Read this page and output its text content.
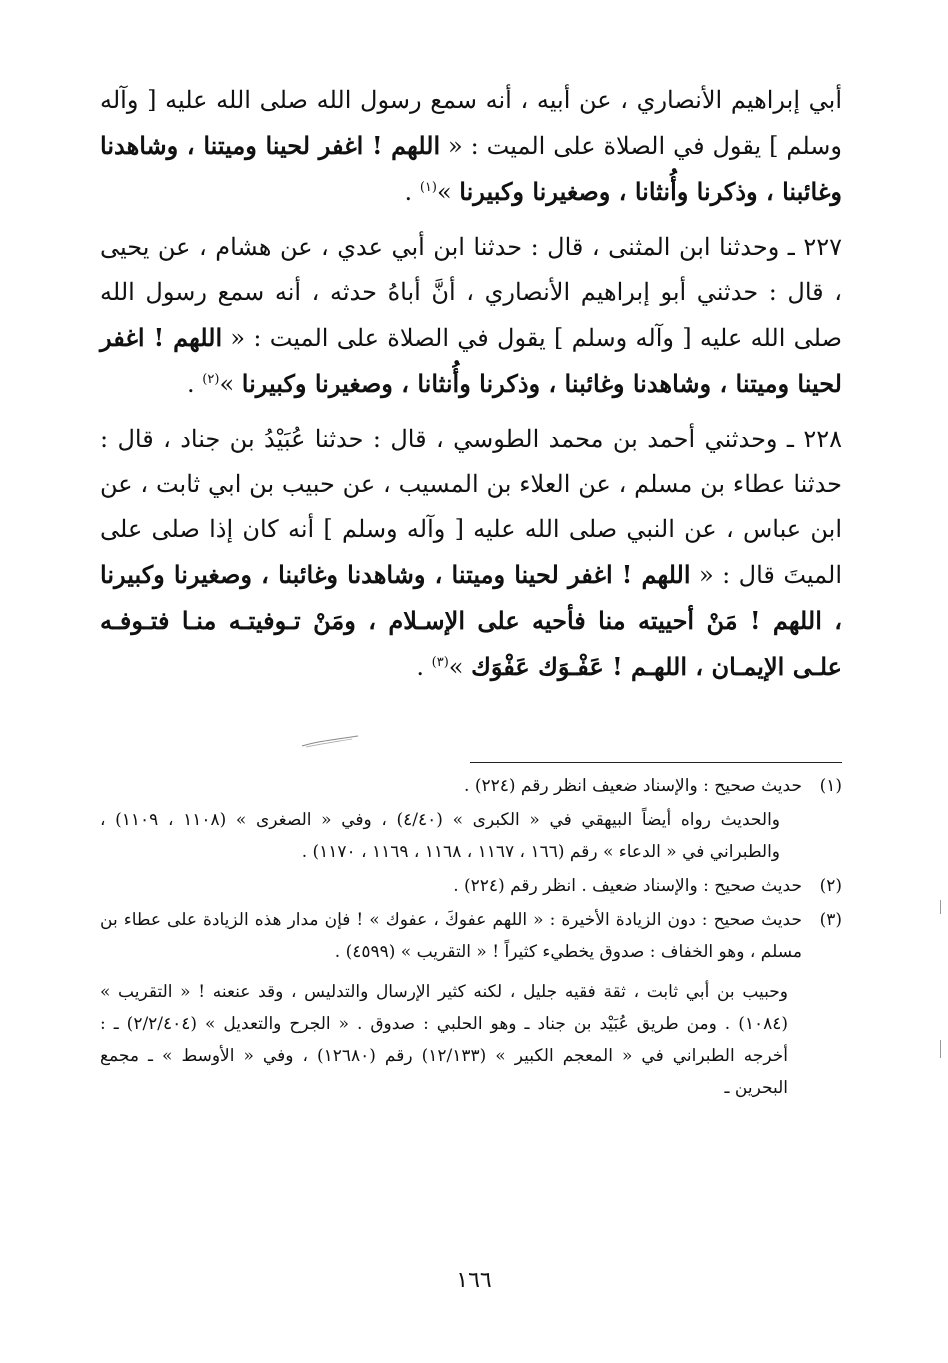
أبي إبراهيم الأنصاري ، عن أبيه ، أنه سمع رسول الله صلى الله عليه [ وآله وسلم ] يقول في الصلاة على الميت : « اللهم ! اغفر لحينا وميتنا ، وشاهدنا وغائبنا ، وذكرنا وأُنثانا ، وصغيرنا وكبيرنا »$^{(١)}$ .

٢٢٧ ـ وحدثنا ابن المثنى ، قال : حدثنا ابن أبي عدي ، عن هشام ، عن يحيى ، قال : حدثني أبو إبراهيم الأنصاري ، أنَّ أباهُ حدثه ، أنه سمع رسول الله صلى الله عليه [ وآله وسلم ] يقول في الصلاة على الميت : « اللهم ! اغفر لحينا وميتنا ، وشاهدنا وغائبنا ، وذكرنا وأُنثانا ، وصغيرنا وكبيرنا »$^{(٢)}$ .

٢٢٨ ـ وحدثني أحمد بن محمد الطوسي ، قال : حدثنا عُبَيْدُ بن جناد ، قال : حدثنا عطاء بن مسلم ، عن العلاء بن المسيب ، عن حبيب بن ابي ثابت ، عن ابن عباس ، عن النبي صلى الله عليه [ وآله وسلم ] أنه كان إذا صلى على الميتَ قال : « اللهم ! اغفر لحينا وميتنا ، وشاهدنا وغائبنا ، وصغيرنا وكبيرنا ، اللهم ! مَنْ أحييته منا فأحيه على الإسـلام ، ومَنْ تـوفيتـه منـا فتـوفـه علـى الإيمـان ، اللهـم ! عَفْـوَك عَفْوَك »$^{(٣)}$ .

(١)
حديث صحيح : والإسناد ضعيف انظر رقم (٢٢٤) .
والحديث رواه أيضاً البيهقي في « الكبرى » (٤/٤٠) ، وفي « الصغرى » (١١٠٨ ، ١١٠٩) ، والطبراني في « الدعاء » رقم (١٦٦ ، ١١٦٧ ، ١١٦٨ ، ١١٦٩ ، ١١٧٠) .
(٢)
حديث صحيح : والإسناد ضعيف . انظر رقم (٢٢٤) .
(٣)
حديث صحيح : دون الزيادة الأخيرة : « اللهم عفوكَ ، عفوك » ! فإن مدار هذه الزيادة على عطاء بن مسلم ، وهو الخفاف : صدوق يخطيء كثيراً ! « التقريب » (٤٥٩٩) .
وحبيب بن أبي ثابت ، ثقة فقيه جليل ، لكنه كثير الإرسال والتدليس ، وقد عنعنه ! « التقريب » (١٠٨٤) . ومن طريق عُبَيْد بن جناد ـ وهو الحلبي : صدوق . « الجرح والتعديل » (٢/٢/٤٠٤) ـ : أخرجه الطبراني في « المعجم الكبير » (١٢/١٣٣) رقم (١٢٦٨٠) ، وفي « الأوسط » ـ مجمع البحرين ـ
١٦٦
